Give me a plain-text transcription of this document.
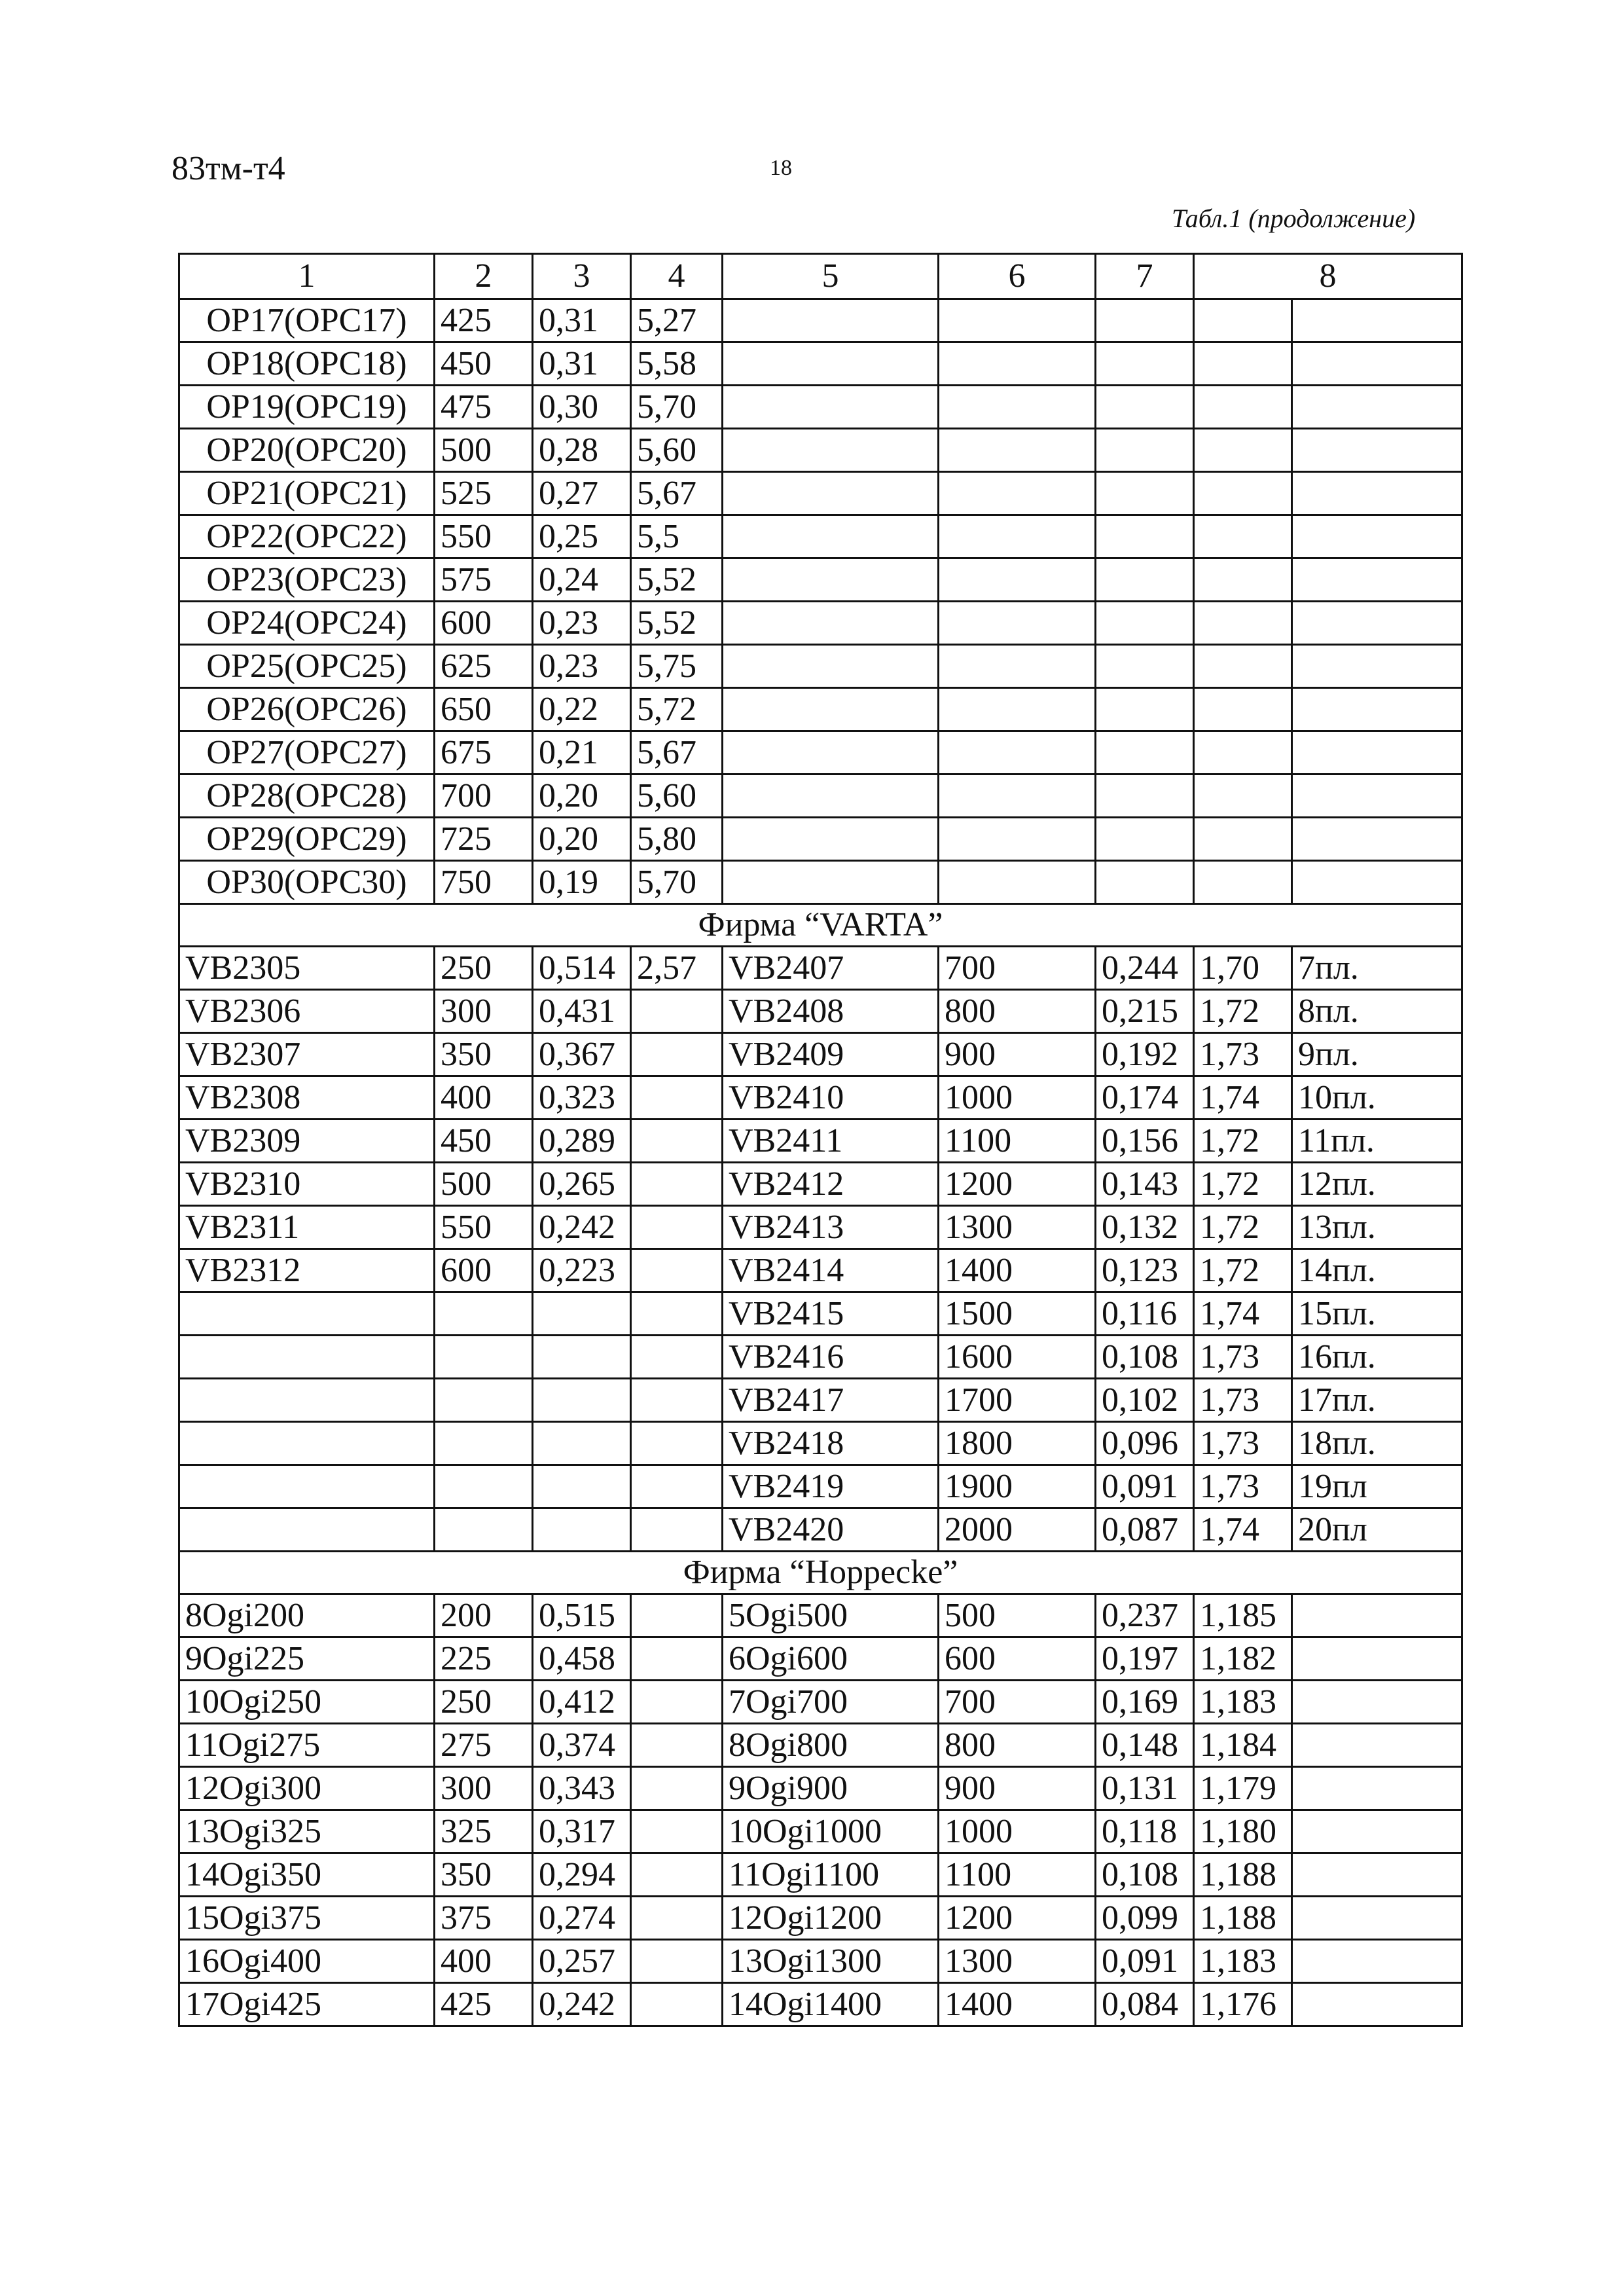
83тм-т4	18
Табл.1 (продолжение)
1	2	3	4	5	6	7	8	
OP17(OPC17)	425	0,31	5,27					
OP18(OPC18)	450	0,31	5,58					
OP19(OPC19)	475	0,30	5,70					
OP20(OPC20)	500	0,28	5,60					
OP21(OPC21)	525	0,27	5,67					
OP22(OPC22)	550	0,25	5,5					
OP23(OPC23)	575	0,24	5,52					
OP24(OPC24)	600	0,23	5,52					
OP25(OPC25)	625	0,23	5,75					
OP26(OPC26)	650	0,22	5,72					
OP27(OPC27)	675	0,21	5,67					
OP28(OPC28)	700	0,20	5,60					
OP29(OPC29)	725	0,20	5,80					
OP30(OPC30)	750	0,19	5,70					
Фирма “VARTA”								
VB2305	250	0,514	2,57	VB2407	700	0,244	1,70	7пл.
VB2306	300	0,431		VB2408	800	0,215	1,72	8пл.
VB2307	350	0,367		VB2409	900	0,192	1,73	9пл.
VB2308	400	0,323		VB2410	1000	0,174	1,74	10пл.
VB2309	450	0,289		VB2411	1100	0,156	1,72	11пл.
VB2310	500	0,265		VB2412	1200	0,143	1,72	12пл.
VB2311	550	0,242		VB2413	1300	0,132	1,72	13пл.
VB2312	600	0,223		VB2414	1400	0,123	1,72	14пл.
				VB2415	1500	0,116	1,74	15пл.
				VB2416	1600	0,108	1,73	16пл.
				VB2417	1700	0,102	1,73	17пл.
				VB2418	1800	0,096	1,73	18пл.
				VB2419	1900	0,091	1,73	19пл
				VB2420	2000	0,087	1,74	20пл
Фирма “Hoppecke”								
8Ogi200	200	0,515		5Ogi500	500	0,237	1,185	
9Ogi225	225	0,458		6Ogi600	600	0,197	1,182	
10Ogi250	250	0,412		7Ogi700	700	0,169	1,183	
11Ogi275	275	0,374		8Ogi800	800	0,148	1,184	
12Ogi300	300	0,343		9Ogi900	900	0,131	1,179	
13Ogi325	325	0,317		10Ogi1000	1000	0,118	1,180	
14Ogi350	350	0,294		11Ogi1100	1100	0,108	1,188	
15Ogi375	375	0,274		12Ogi1200	1200	0,099	1,188	
16Ogi400	400	0,257		13Ogi1300	1300	0,091	1,183	
17Ogi425	425	0,242		14Ogi1400	1400	0,084	1,176	
